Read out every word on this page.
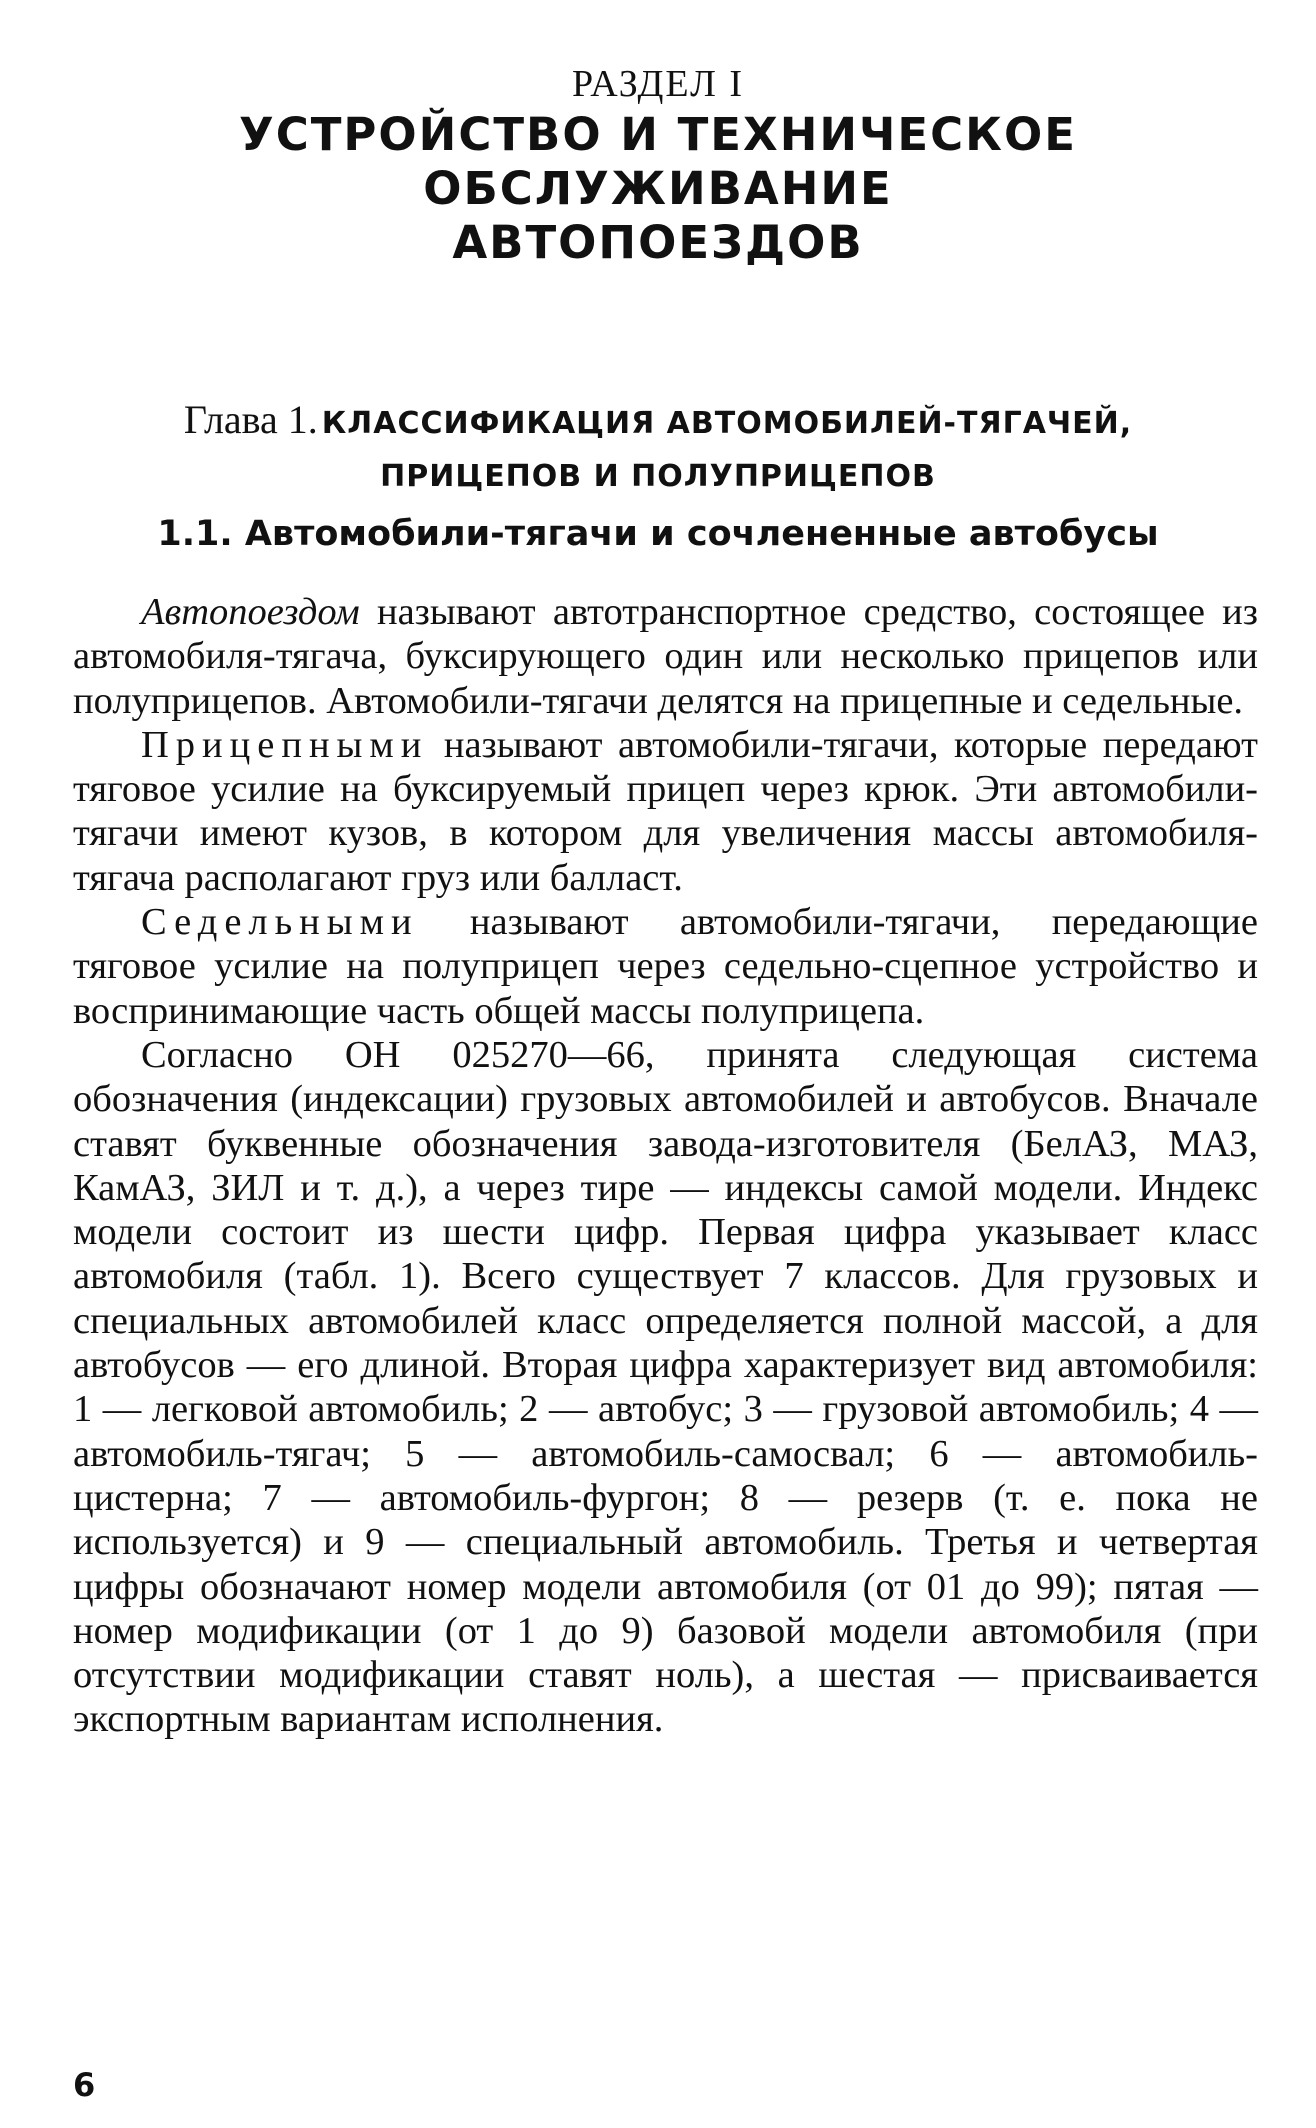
РАЗДЕЛ I
УСТРОЙСТВО И ТЕХНИЧЕСКОЕ ОБСЛУЖИВАНИЕ
АВТОПОЕЗДОВ
Глава 1. КЛАССИФИКАЦИЯ АВТОМОБИЛЕЙ-ТЯГАЧЕЙ,
ПРИЦЕПОВ И ПОЛУПРИЦЕПОВ
1.1. Автомобили-тягачи и сочлененные автобусы

Автопоездом называют автотранспортное средство, состоящее из автомобиля-тягача, буксирующего один или несколько прицепов или полуприцепов. Автомобили-тягачи делятся на прицепные и седельные.

Прицепными называют автомобили-тягачи, которые передают тяговое усилие на буксируемый прицеп через крюк. Эти автомобили-тягачи имеют кузов, в котором для увеличения массы автомобиля-тягача располагают груз или балласт.

Седельными называют автомобили-тягачи, передающие тяговое усилие на полуприцеп через седельно-сцепное устройство и воспринимающие часть общей массы полуприцепа.

Согласно ОН 025270—66, принята следующая система обозначения (индексации) грузовых автомобилей и автобусов. Вначале ставят буквенные обозначения завода-изготовителя (БелАЗ, МАЗ, КамАЗ, ЗИЛ и т. д.), а через тире — индексы самой модели. Индекс модели состоит из шести цифр. Первая цифра указывает класс автомобиля (табл. 1). Всего существует 7 классов. Для грузовых и специальных автомобилей класс определяется полной массой, а для автобусов — его длиной. Вторая цифра характеризует вид автомобиля: 1 — легковой автомобиль; 2 — автобус; 3 — грузовой автомобиль; 4 — автомобиль-тягач; 5 — автомобиль-самосвал; 6 — автомобиль-цистерна; 7 — автомобиль-фургон; 8 — резерв (т. е. пока не используется) и 9 — специальный автомобиль. Третья и четвертая цифры обозначают номер модели автомобиля (от 01 до 99); пятая — номер модификации (от 1 до 9) базовой модели автомобиля (при отсутствии модификации ставят ноль), а шестая — присваивается экспортным вариантам исполнения.

6
